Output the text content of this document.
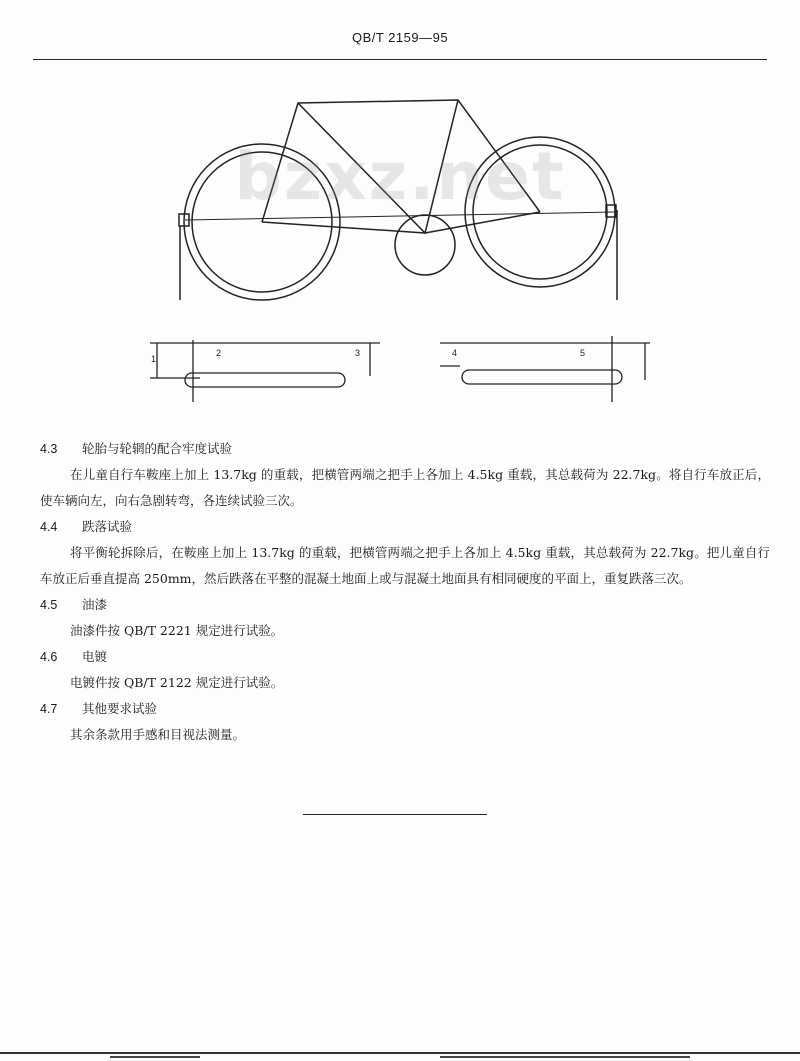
QB/T 2159—95
1
2	3	4	5
bzxz.net
4.3	轮胎与轮辋的配合牢度试验
在儿童自行车鞍座上加上 13.7kg 的重载，把横管两端之把手上各加上 4.5kg 重载，其总载荷为 22.7kg。将自行车放正后，使车辆向左，向右急剧转弯，各连续试验三次。
4.4	跌落试验
将平衡轮拆除后，在鞍座上加上 13.7kg 的重载，把横管两端之把手上各加上 4.5kg 重载，其总载荷为 22.7kg。把儿童自行车放正后垂直提高 250mm，然后跌落在平整的混凝土地面上或与混凝土地面具有相同硬度的平面上，重复跌落三次。
4.5	油漆
油漆件按 QB/T 2221 规定进行试验。
4.6	电镀
电镀件按 QB/T 2122 规定进行试验。
4.7	其他要求试验
其余条款用手感和目视法测量。
